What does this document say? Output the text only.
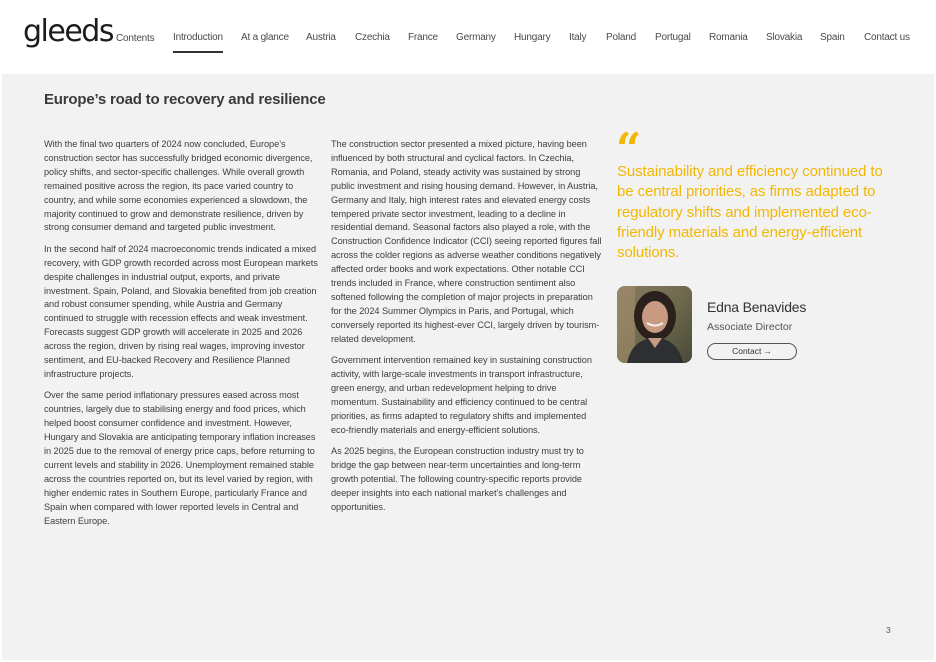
gleeds Contents Introduction At a glance Austria Czechia France Germany Hungary Italy Poland Portugal Romania Slovakia Spain Contact us
Europe’s road to recovery and resilience

With the final two quarters of 2024 now concluded, Europe’s construction sector has successfully bridged economic divergence, policy shifts, and sector-specific challenges. While overall growth remained positive across the region, its pace varied country to country, and while some economies experienced a slowdown, the majority continued to grow and demonstrate resilience, driven by strong consumer demand and targeted public investment.

In the second half of 2024 macroeconomic trends indicated a mixed recovery, with GDP growth recorded across most European markets despite challenges in industrial output, exports, and private investment. Spain, Poland, and Slovakia benefited from job creation and robust consumer spending, while Austria and Germany continued to struggle with recession effects and weak investment. Forecasts suggest GDP growth will accelerate in 2025 and 2026 across the region, driven by rising real wages, improving investor sentiment, and EU-backed Recovery and Resilience Planned infrastructure projects.

Over the same period inflationary pressures eased across most countries, largely due to stabilising energy and food prices, which helped boost consumer confidence and investment. However, Hungary and Slovakia are anticipating temporary inflation increases in 2025 due to the removal of energy price caps, before returning to current levels and stability in 2026. Unemployment remained stable across the countries reported on, but its level varied by region, with higher endemic rates in Southern Europe, particularly France and Spain when compared with lower reported levels in Central and Eastern Europe.

The construction sector presented a mixed picture, having been influenced by both structural and cyclical factors. In Czechia, Romania, and Poland, steady activity was sustained by strong public investment and rising housing demand. However, in Austria, Germany and Italy, high interest rates and elevated energy costs tempered private sector investment, leading to a decline in residential demand. Seasonal factors also played a role, with the Construction Confidence Indicator (CCI) seeing reported figures fall across the colder regions as adverse weather conditions negatively affected order books and work expectations. Other notable CCI trends included in France, where construction sentiment also softened following the completion of major projects in preparation for the 2024 Summer Olympics in Paris, and Portugal, which conversely reported its highest-ever CCI, largely driven by tourism-related development.

Government intervention remained key in sustaining construction activity, with large-scale investments in transport infrastructure, green energy, and urban redevelopment helping to drive momentum. Sustainability and efficiency continued to be central priorities, as firms adapted to regulatory shifts and implemented eco-friendly materials and energy-efficient solutions.

As 2025 begins, the European construction industry must try to bridge the gap between near-term uncertainties and long-term growth potential. The following country-specific reports provide deeper insights into each national market’s challenges and opportunities.

“
Sustainability and efficiency continued to be central priorities, as firms adapted to regulatory shifts and implemented eco-friendly materials and energy-efficient solutions.
Edna Benavides
Associate Director
Contact →
3
